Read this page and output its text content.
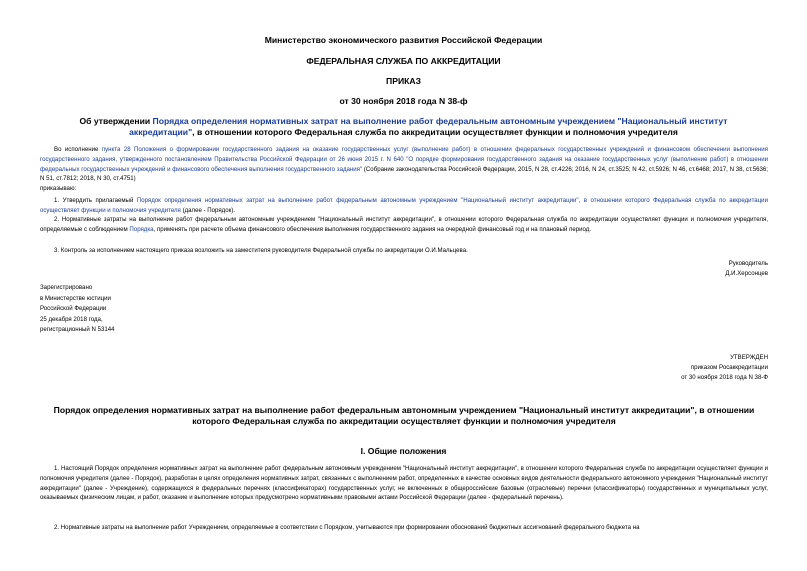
Министерство экономического развития Российской Федерации
ФЕДЕРАЛЬНАЯ СЛУЖБА ПО АККРЕДИТАЦИИ
ПРИКАЗ
от 30 ноября 2018 года N 38-ф
Об утверждении Порядка определения нормативных затрат на выполнение работ федеральным автономным учреждением "Национальный институт аккредитации", в отношении которого Федеральная служба по аккредитации осуществляет функции и полномочия учредителя
Во исполнение пункта 28 Положения о формировании государственного задания на оказание государственных услуг (выполнение работ) в отношении федеральных государственных учреждений и финансовом обеспечении выполнения государственного задания, утвержденного постановлением Правительства Российской Федерации от 26 июня 2015 г. N 640 "О порядке формирования государственного задания на оказание государственных услуг (выполнение работ) в отношении федеральных государственных учреждений и финансового обеспечения выполнения государственного задания" (Собрание законодательства Российской Федерации, 2015, N 28, ст.4226; 2016, N 24, ст.3525; N 42, ст.5926; N 46, ст.6468; 2017, N 38, ст.5636; N 51, ст.7812; 2018, N 30, ст.4751)
приказываю:
1. Утвердить прилагаемый Порядок определения нормативных затрат на выполнение работ федеральным автономным учреждением "Национальный институт аккредитации", в отношении которого Федеральная служба по аккредитации осуществляет функции и полномочия учредителя (далее - Порядок).
2. Нормативные затраты на выполнение работ федеральным автономным учреждением "Национальный институт аккредитации", в отношении которого Федеральная служба по аккредитации осуществляет функции и полномочия учредителя, определяемые с соблюдением Порядка, применять при расчете объема финансового обеспечения выполнения государственного задания на очередной финансовый год и на плановый период.
3. Контроль за исполнением настоящего приказа возложить на заместителя руководителя Федеральной службы по аккредитации О.И.Мальцева.
Руководитель
Д.И.Херсонцев
Зарегистрировано
в Министерстве юстиции
Российской Федерации
25 декабря 2018 года,
регистрационный N 53144
УТВЕРЖДЕН
приказом Росаккредитации
от 30 ноября 2018 года N 38-Ф
Порядок определения нормативных затрат на выполнение работ федеральным автономным учреждением "Национальный институт аккредитации", в отношении которого Федеральная служба по аккредитации осуществляет функции и полномочия учредителя
I. Общие положения
1. Настоящий Порядок определения нормативных затрат на выполнение работ федеральным автономным учреждением "Национальный институт аккредитации", в отношении которого Федеральная служба по аккредитации осуществляет функции и полномочия учредителя (далее - Порядок), разработан в целях определения нормативных затрат, связанных с выполнением работ, определенных в качестве основных видов деятельности федерального автономного учреждения "Национальный институт аккредитации" (далее - Учреждение), содержащихся в федеральных перечнях (классификаторах) государственных услуг, не включенных в общероссийские базовые (отраслевые) перечни (классификаторы) государственных и муниципальных услуг, оказываемых физическим лицам, и работ, оказание и выполнение которых предусмотрено нормативными правовыми актами Российской Федерации (далее - федеральный перечень).
2. Нормативные затраты на выполнение работ Учреждением, определяемые в соответствии с Порядком, учитываются при формировании обоснований бюджетных ассигнований федерального бюджета на
